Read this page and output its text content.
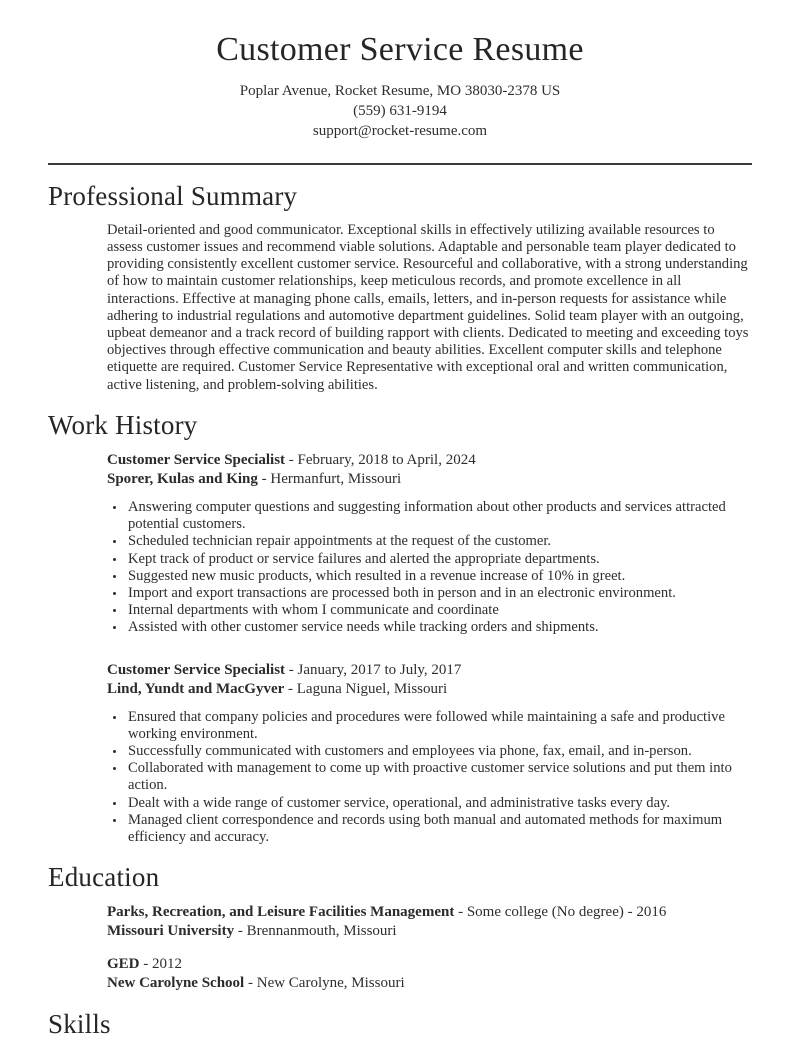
Customer Service Resume
Poplar Avenue, Rocket Resume, MO 38030-2378 US
(559) 631-9194
support@rocket-resume.com
Professional Summary

Detail-oriented and good communicator. Exceptional skills in effectively utilizing available resources to assess customer issues and recommend viable solutions. Adaptable and personable team player dedicated to providing consistently excellent customer service. Resourceful and collaborative, with a strong understanding of how to maintain customer relationships, keep meticulous records, and promote excellence in all interactions. Effective at managing phone calls, emails, letters, and in-person requests for assistance while adhering to industrial regulations and automotive department guidelines. Solid team player with an outgoing, upbeat demeanor and a track record of building rapport with clients. Dedicated to meeting and exceeding toys objectives through effective communication and beauty abilities. Excellent computer skills and telephone etiquette are required. Customer Service Representative with exceptional oral and written communication, active listening, and problem-solving abilities.

Work History
Customer Service Specialist - February, 2018 to April, 2024
Sporer, Kulas and King - Hermanfurt, Missouri
• Answering computer questions and suggesting information about other products and services attracted potential customers.
• Scheduled technician repair appointments at the request of the customer.
• Kept track of product or service failures and alerted the appropriate departments.
• Suggested new music products, which resulted in a revenue increase of 10% in greet.
• Import and export transactions are processed both in person and in an electronic environment.
• Internal departments with whom I communicate and coordinate
• Assisted with other customer service needs while tracking orders and shipments.
Customer Service Specialist - January, 2017 to July, 2017
Lind, Yundt and MacGyver - Laguna Niguel, Missouri
• Ensured that company policies and procedures were followed while maintaining a safe and productive working environment.
• Successfully communicated with customers and employees via phone, fax, email, and in-person.
• Collaborated with management to come up with proactive customer service solutions and put them into action.
• Dealt with a wide range of customer service, operational, and administrative tasks every day.
• Managed client correspondence and records using both manual and automated methods for maximum efficiency and accuracy.
Education
Parks, Recreation, and Leisure Facilities Management - Some college (No degree) - 2016
Missouri University - Brennanmouth, Missouri
GED - 2012
New Carolyne School - New Carolyne, Missouri
Skills
